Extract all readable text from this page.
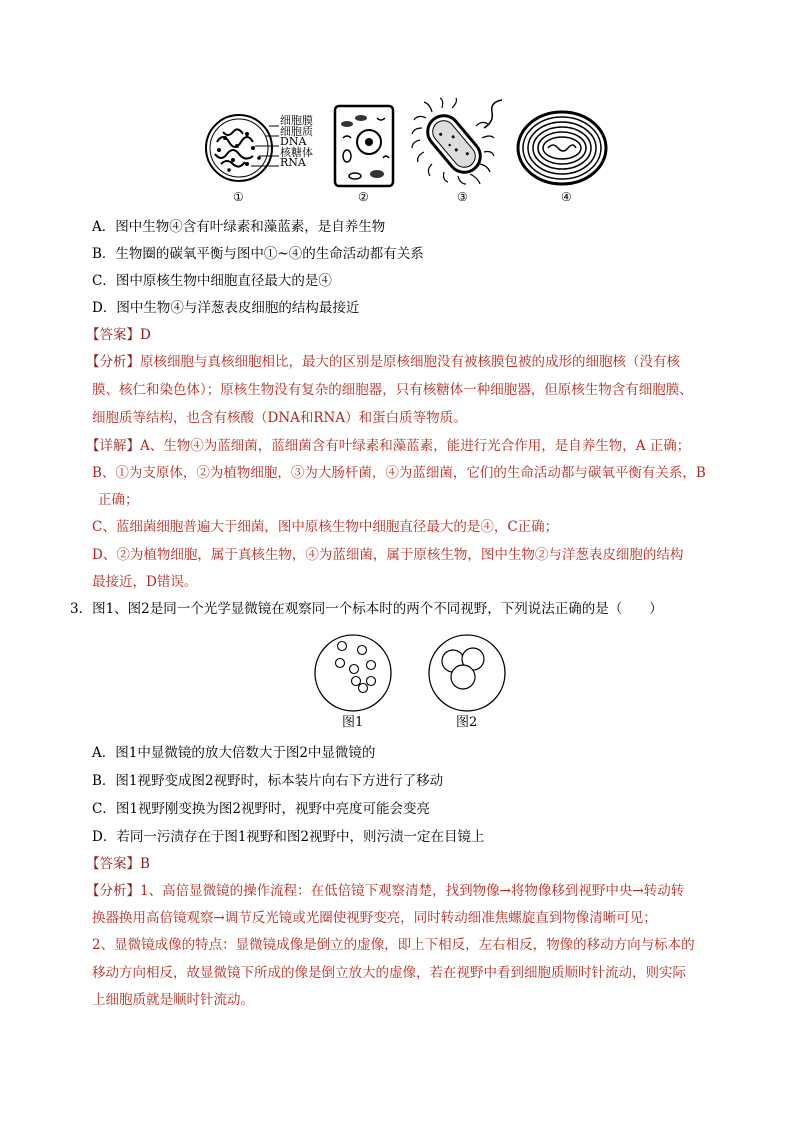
细胞膜
细胞质
DNA
核糖体
RNA
①	②	③	④
A．图中生物④含有叶绿素和藻蓝素，是自养生物
B．生物圈的碳氧平衡与图中①~④的生命活动都有关系
C．图中原核生物中细胞直径最大的是④
D．图中生物④与洋葱表皮细胞的结构最接近
【答案】D
【分析】原核细胞与真核细胞相比，最大的区别是原核细胞没有被核膜包被的成形的细胞核（没有核
膜、核仁和染色体）；原核生物没有复杂的细胞器，只有核糖体一种细胞器，但原核生物含有细胞膜、
细胞质等结构，也含有核酸（DNA和RNA）和蛋白质等物质。
【详解】A、生物④为蓝细菌，蓝细菌含有叶绿素和藻蓝素，能进行光合作用，是自养生物，A 正确；
B、①为支原体，②为植物细胞，③为大肠杆菌，④为蓝细菌，它们的生命活动都与碳氧平衡有关系，B
正确；
C、蓝细菌细胞普遍大于细菌，图中原核生物中细胞直径最大的是④，C正确；
D、②为植物细胞，属于真核生物，④为蓝细菌，属于原核生物，图中生物②与洋葱表皮细胞的结构
最接近，D错误。
3．图1、图2是同一个光学显微镜在观察同一个标本时的两个不同视野，下列说法正确的是（　　）
图1	图2
A．图1中显微镜的放大倍数大于图2中显微镜的
B．图1视野变成图2视野时，标本装片向右下方进行了移动
C．图1视野刚变换为图2视野时，视野中亮度可能会变亮
D．若同一污渍存在于图1视野和图2视野中，则污渍一定在目镜上
【答案】B
【分析】1、高倍显微镜的操作流程：在低倍镜下观察清楚，找到物像→将物像移到视野中央→转动转
换器换用高倍镜观察→调节反光镜或光圈使视野变亮，同时转动细准焦螺旋直到物像清晰可见；
2、显微镜成像的特点：显微镜成像是倒立的虚像，即上下相反，左右相反，物像的移动方向与标本的
移动方向相反，故显微镜下所成的像是倒立放大的虚像，若在视野中看到细胞质顺时针流动，则实际
上细胞质就是顺时针流动。
